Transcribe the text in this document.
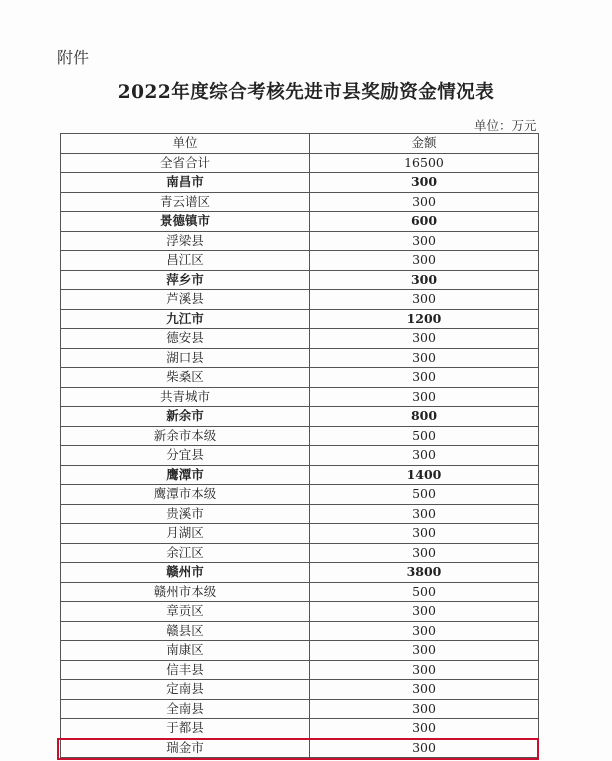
附件
2022年度综合考核先进市县奖励资金情况表
单位：万元
单位	金额
全省合计	16500
南昌市	300
青云谱区	300
景德镇市	600
浮梁县	300
昌江区	300
萍乡市	300
芦溪县	300
九江市	1200
德安县	300
湖口县	300
柴桑区	300
共青城市	300
新余市	800
新余市本级	500
分宜县	300
鹰潭市	1400
鹰潭市本级	500
贵溪市	300
月湖区	300
余江区	300
赣州市	3800
赣州市本级	500
章贡区	300
赣县区	300
南康区	300
信丰县	300
定南县	300
全南县	300
于都县	300
瑞金市	300
